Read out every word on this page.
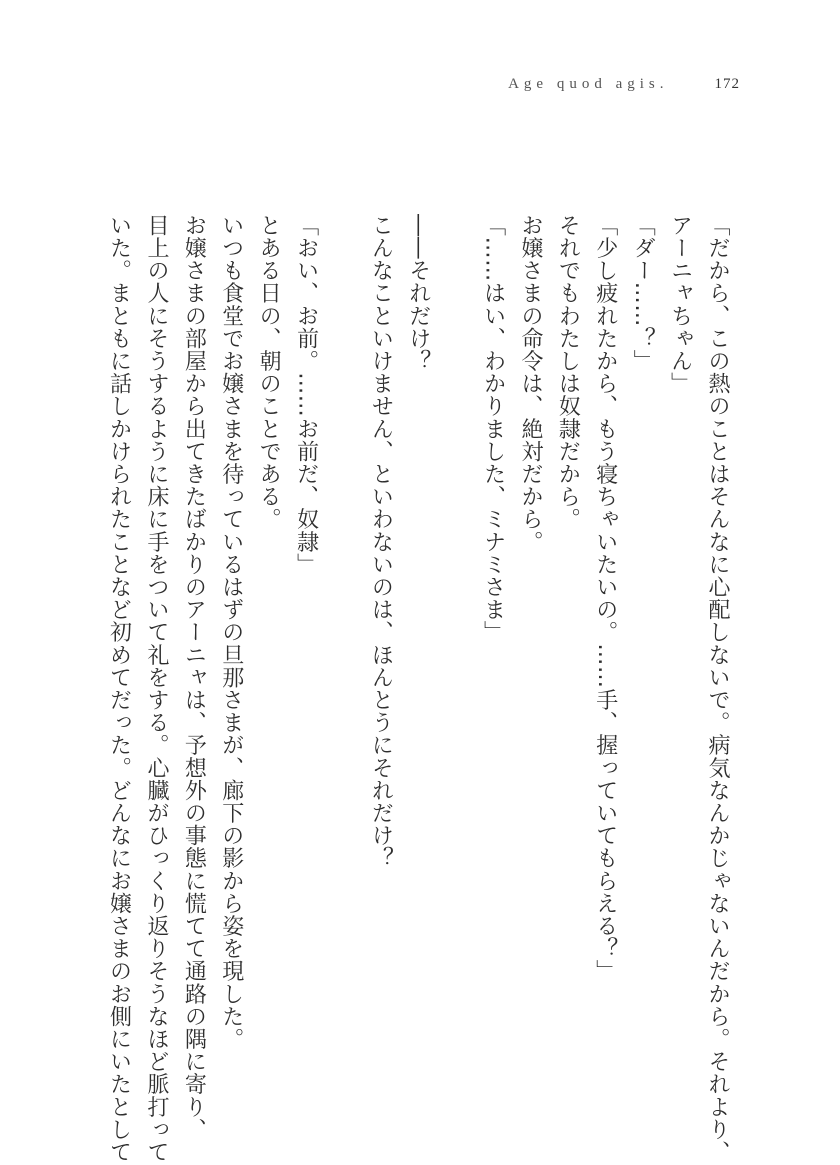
Age quod agis.	172
「だから、この熱のことはそんなに心配しないで。病気なんかじゃないんだから。それより、
アーニャちゃん」
「ダー……？」
「少し疲れたから、もう寝ちゃいたいの。……手、握っていてもらえる？」
それでもわたしは奴隷だから。
お嬢さまの命令は、絶対だから。
「……はい、わかりました、ミナミさま」
――それだけ？
こんなこといけません、といわないのは、ほんとうにそれだけ？
「おい、お前。……お前だ、奴隷」
とある日の、朝のことである。
いつも食堂でお嬢さまを待っているはずの旦那さまが、廊下の影から姿を現した。
お嬢さまの部屋から出てきたばかりのアーニャは、予想外の事態に慌てて通路の隅に寄り、
目上の人にそうするように床に手をついて礼をする。心臓がひっくり返りそうなほど脈打って
いた。まともに話しかけられたことなど初めてだった。どんなにお嬢さまのお側にいたとして
